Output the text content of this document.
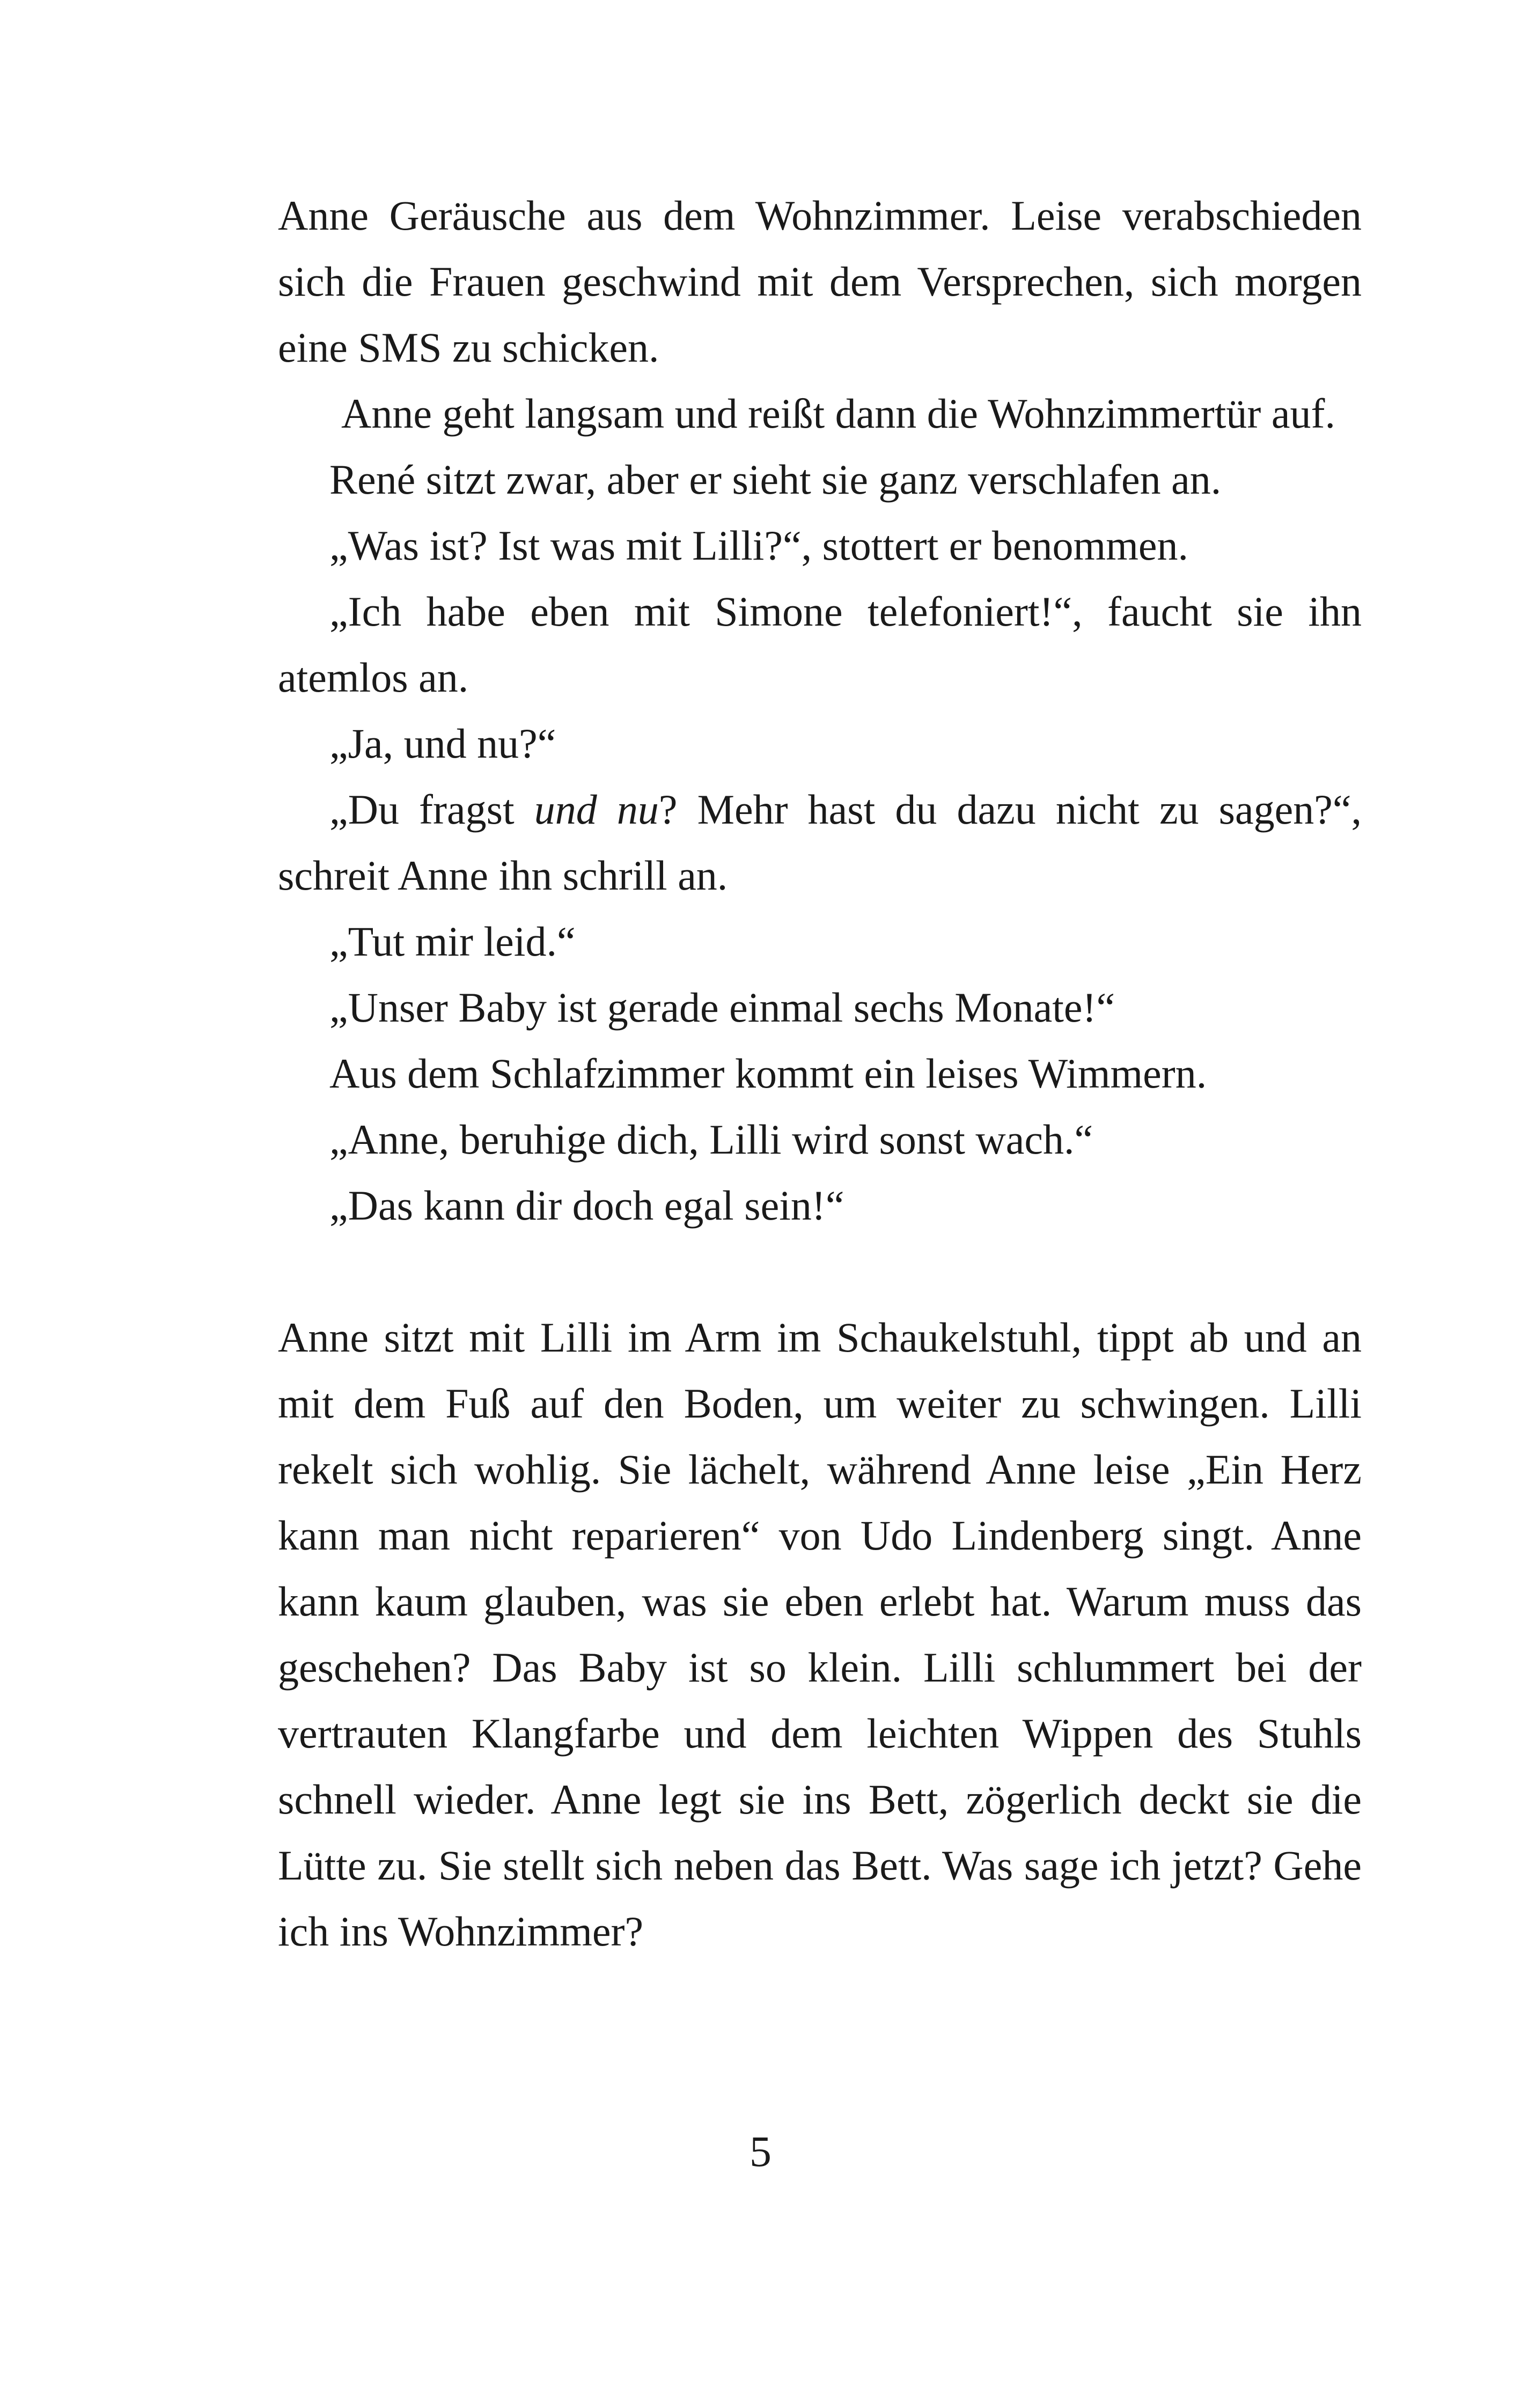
Anne Geräusche aus dem Wohnzimmer. Leise verabschieden sich die Frauen geschwind mit dem Versprechen, sich morgen eine SMS zu schicken.

Anne geht langsam und reißt dann die Wohnzimmertür auf.

René sitzt zwar, aber er sieht sie ganz verschlafen an.

„Was ist? Ist was mit Lilli?“, stottert er benommen.

„Ich habe eben mit Simone telefoniert!“, faucht sie ihn atemlos an.

„Ja, und nu?“

„Du fragst und nu? Mehr hast du dazu nicht zu sagen?“, schreit Anne ihn schrill an.

„Tut mir leid.“

„Unser Baby ist gerade einmal sechs Monate!“

Aus dem Schlafzimmer kommt ein leises Wimmern.

„Anne, beruhige dich, Lilli wird sonst wach.“

„Das kann dir doch egal sein!“

Anne sitzt mit Lilli im Arm im Schaukelstuhl, tippt ab und an mit dem Fuß auf den Boden, um weiter zu schwingen. Lilli rekelt sich wohlig. Sie lächelt, während Anne leise „Ein Herz kann man nicht reparieren“ von Udo Lindenberg singt. Anne kann kaum glauben, was sie eben erlebt hat. Warum muss das geschehen? Das Baby ist so klein. Lilli schlummert bei der vertrauten Klangfarbe und dem leichten Wippen des Stuhls schnell wieder. Anne legt sie ins Bett, zögerlich deckt sie die Lütte zu. Sie stellt sich neben das Bett. Was sage ich jetzt? Gehe ich ins Wohnzimmer?

5
